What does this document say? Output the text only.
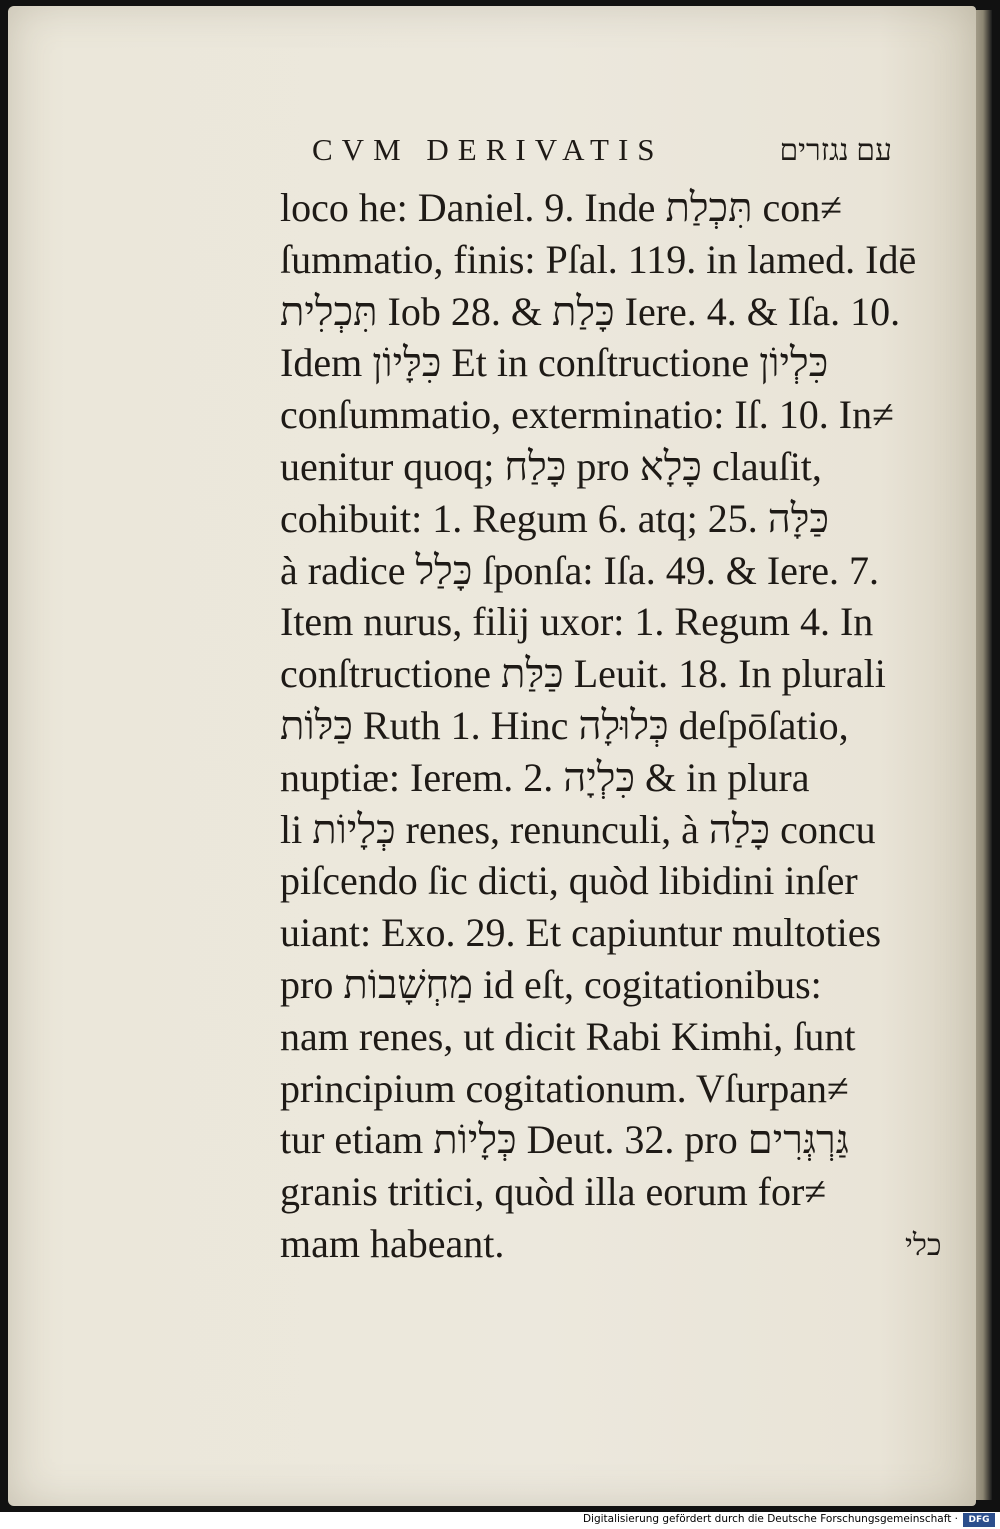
CVM DERIVATIS	עם נגזרים
loco he: Daniel. 9. Inde תִּכְלַת con≠
ſummatio, finis: Pſal. 119. in lamed. Idē
תִּכְלִית Iob 28. & כָּלַת Iere. 4. & Iſa. 10.
Idem כִּלָּיוֹן Et in conſtructione כִּלְיוֹן
conſummatio, exterminatio: Iſ. 10. In≠
uenitur quoq; כָּלַח pro כָּלָא clauſit,
cohibuit: 1. Regum 6. atq; 25. כַּלָּה
à radice כָּלַל ſponſa: Iſa. 49. & Iere. 7.
Item nurus, filij uxor: 1. Regum 4. In
conſtructione כַּלַּת Leuit. 18. In plurali
כַּלּוֹת Ruth 1. Hinc כְּלוּלָה deſpōſatio,
nuptiæ: Ierem. 2. כִּלְיָה & in plura
li כְּלָיוֹת renes, renunculi, à כָּלַה concu
piſcendo ſic dicti, quòd libidini inſer
uiant: Exo. 29. Et capiuntur multoties
pro מַחְשָׁבוֹת id eſt, cogitationibus:
nam renes, ut dicit Rabi Kimhi, ſunt
principium cogitationum. Vſurpan≠
tur etiam כְּלָיוֹת Deut. 32. pro גַּרְגְּרִים
granis tritici, quòd illa eorum for≠
mam habeant.	כלי
Digitalisierung gefördert durch die Deutsche Forschungsgemeinschaft ·	DFG
